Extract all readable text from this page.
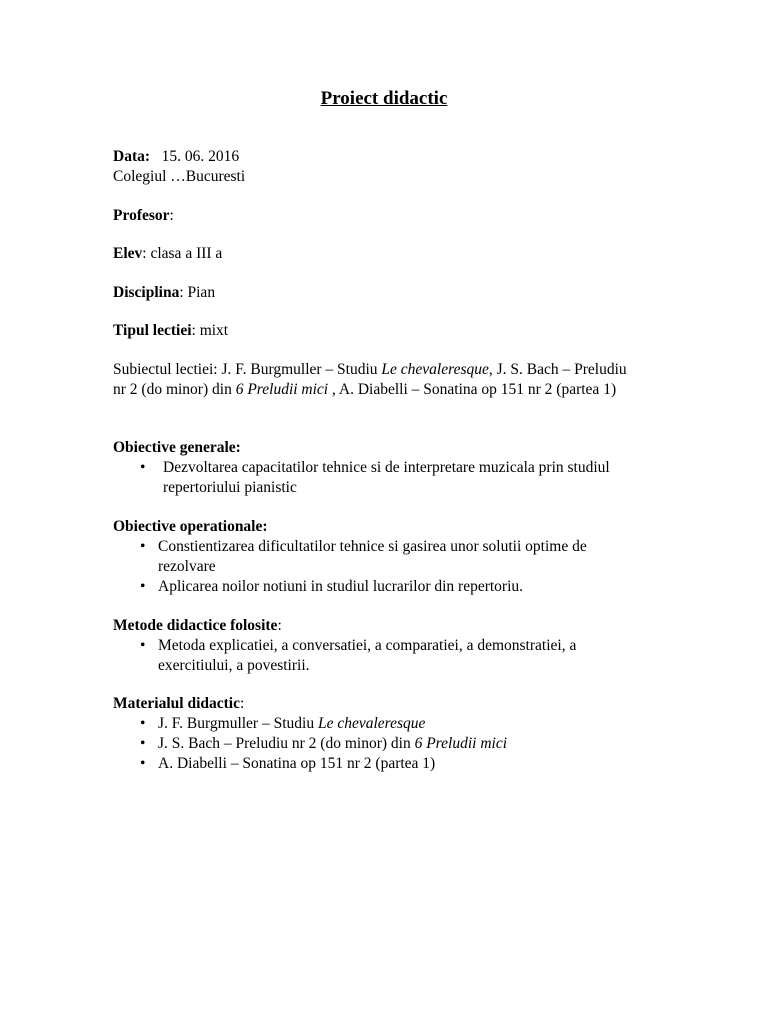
Proiect didactic
Data: 15. 06. 2016
Colegiul …Bucuresti
Profesor:
Elev: clasa a III a
Disciplina: Pian
Tipul lectiei: mixt
Subiectul lectiei: J. F. Burgmuller – Studiu Le chevaleresque, J. S. Bach – Preludiu nr 2 (do minor) din 6 Preludii mici , A. Diabelli – Sonatina op 151 nr 2 (partea 1)
Obiective generale:
• Dezvoltarea capacitatilor tehnice si de interpretare muzicala prin studiul repertoriului pianistic
Obiective operationale:
• Constientizarea dificultatilor tehnice si gasirea unor solutii optime de rezolvare
• Aplicarea noilor notiuni in studiul lucrarilor din repertoriu.
Metode didactice folosite:
• Metoda explicatiei, a conversatiei, a comparatiei, a demonstratiei, a exercitiului, a povestirii.
Materialul didactic:
• J. F. Burgmuller – Studiu Le chevaleresque
• J. S. Bach – Preludiu nr 2 (do minor) din 6 Preludii mici
• A. Diabelli – Sonatina op 151 nr 2 (partea 1)
